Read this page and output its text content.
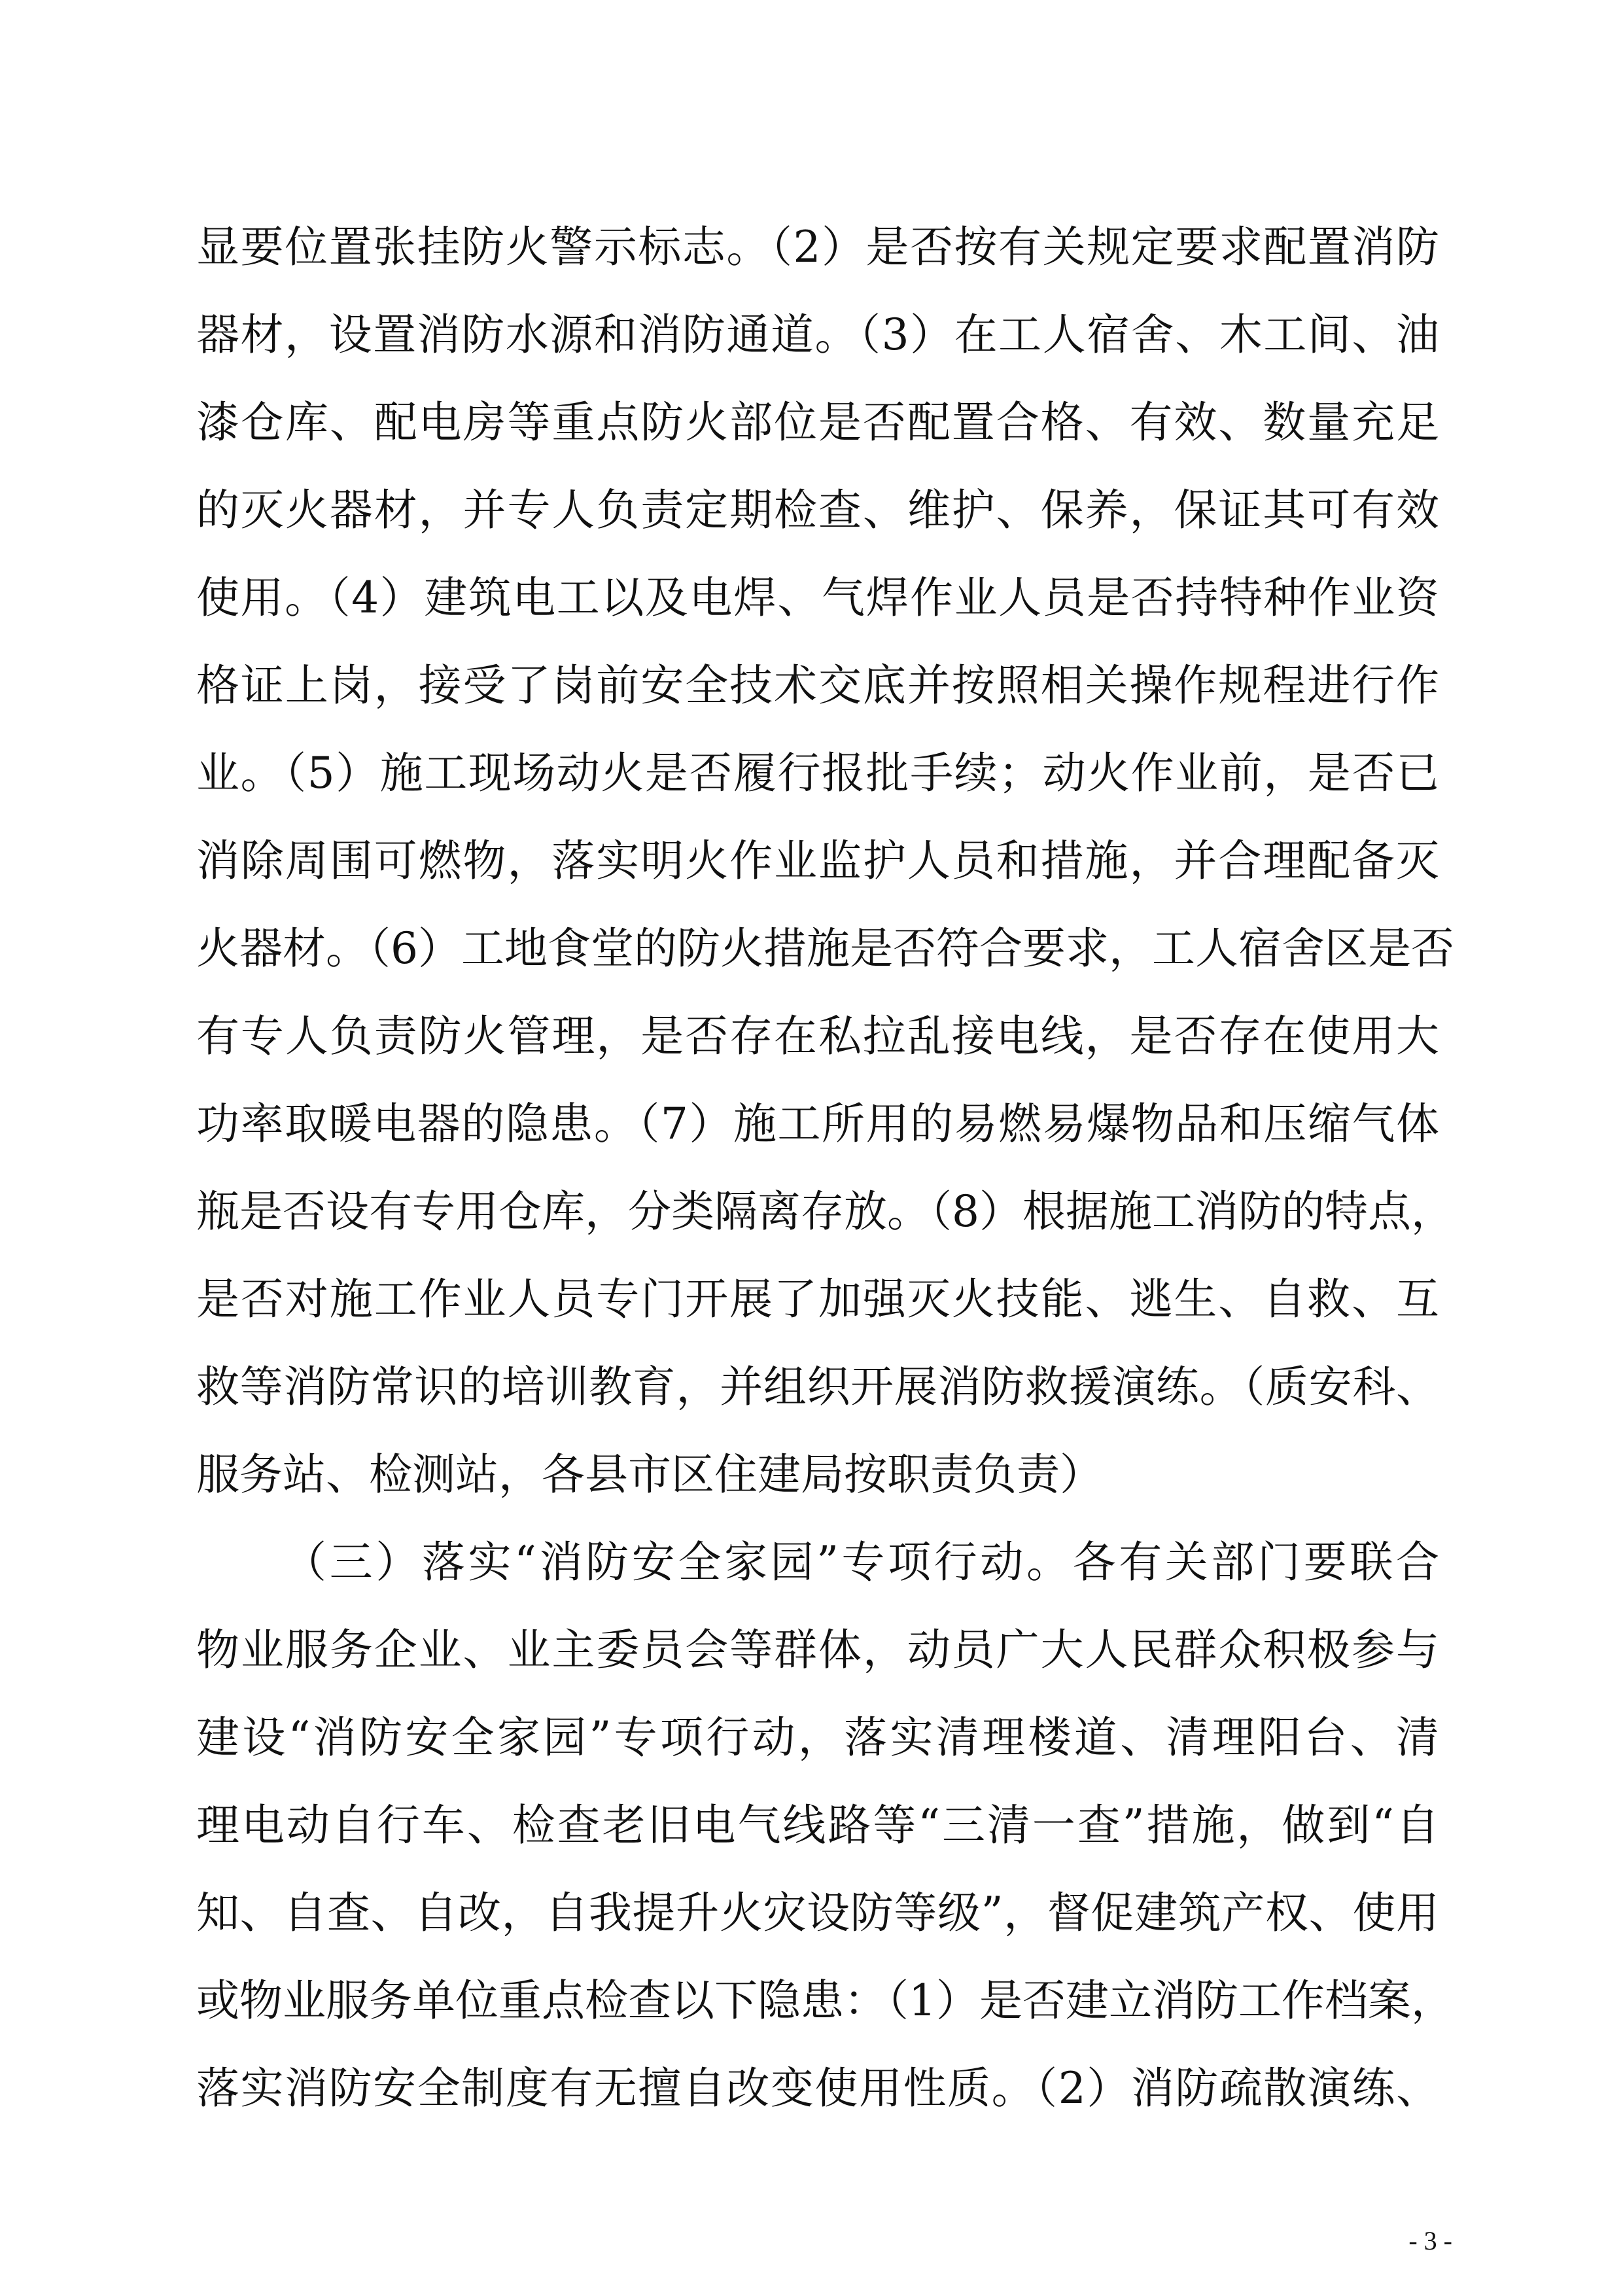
显要位置张挂防火警示标志。（2）是否按有关规定要求配置消防
器材，设置消防水源和消防通道。（3）在工人宿舍、木工间、油
漆仓库、配电房等重点防火部位是否配置合格、有效、数量充足
的灭火器材，并专人负责定期检查、维护、保养，保证其可有效
使用。（4）建筑电工以及电焊、气焊作业人员是否持特种作业资
格证上岗，接受了岗前安全技术交底并按照相关操作规程进行作
业。（5）施工现场动火是否履行报批手续；动火作业前，是否已
消除周围可燃物，落实明火作业监护人员和措施，并合理配备灭
火器材。（6）工地食堂的防火措施是否符合要求，工人宿舍区是否
有专人负责防火管理，是否存在私拉乱接电线，是否存在使用大
功率取暖电器的隐患。（7）施工所用的易燃易爆物品和压缩气体
瓶是否设有专用仓库，分类隔离存放。（8）根据施工消防的特点，
是否对施工作业人员专门开展了加强灭火技能、逃生、自救、互
救等消防常识的培训教育，并组织开展消防救援演练。（质安科、
服务站、检测站，各县市区住建局按职责负责）
（三）落实“消防安全家园”专项行动。各有关部门要联合
物业服务企业、业主委员会等群体，动员广大人民群众积极参与
建设“消防安全家园”专项行动，落实清理楼道、清理阳台、清
理电动自行车、检查老旧电气线路等“三清一查”措施，做到“自
知、自查、自改，自我提升火灾设防等级”，督促建筑产权、使用
或物业服务单位重点检查以下隐患：（1）是否建立消防工作档案，
落实消防安全制度有无擅自改变使用性质。（2）消防疏散演练、
- 3 -
